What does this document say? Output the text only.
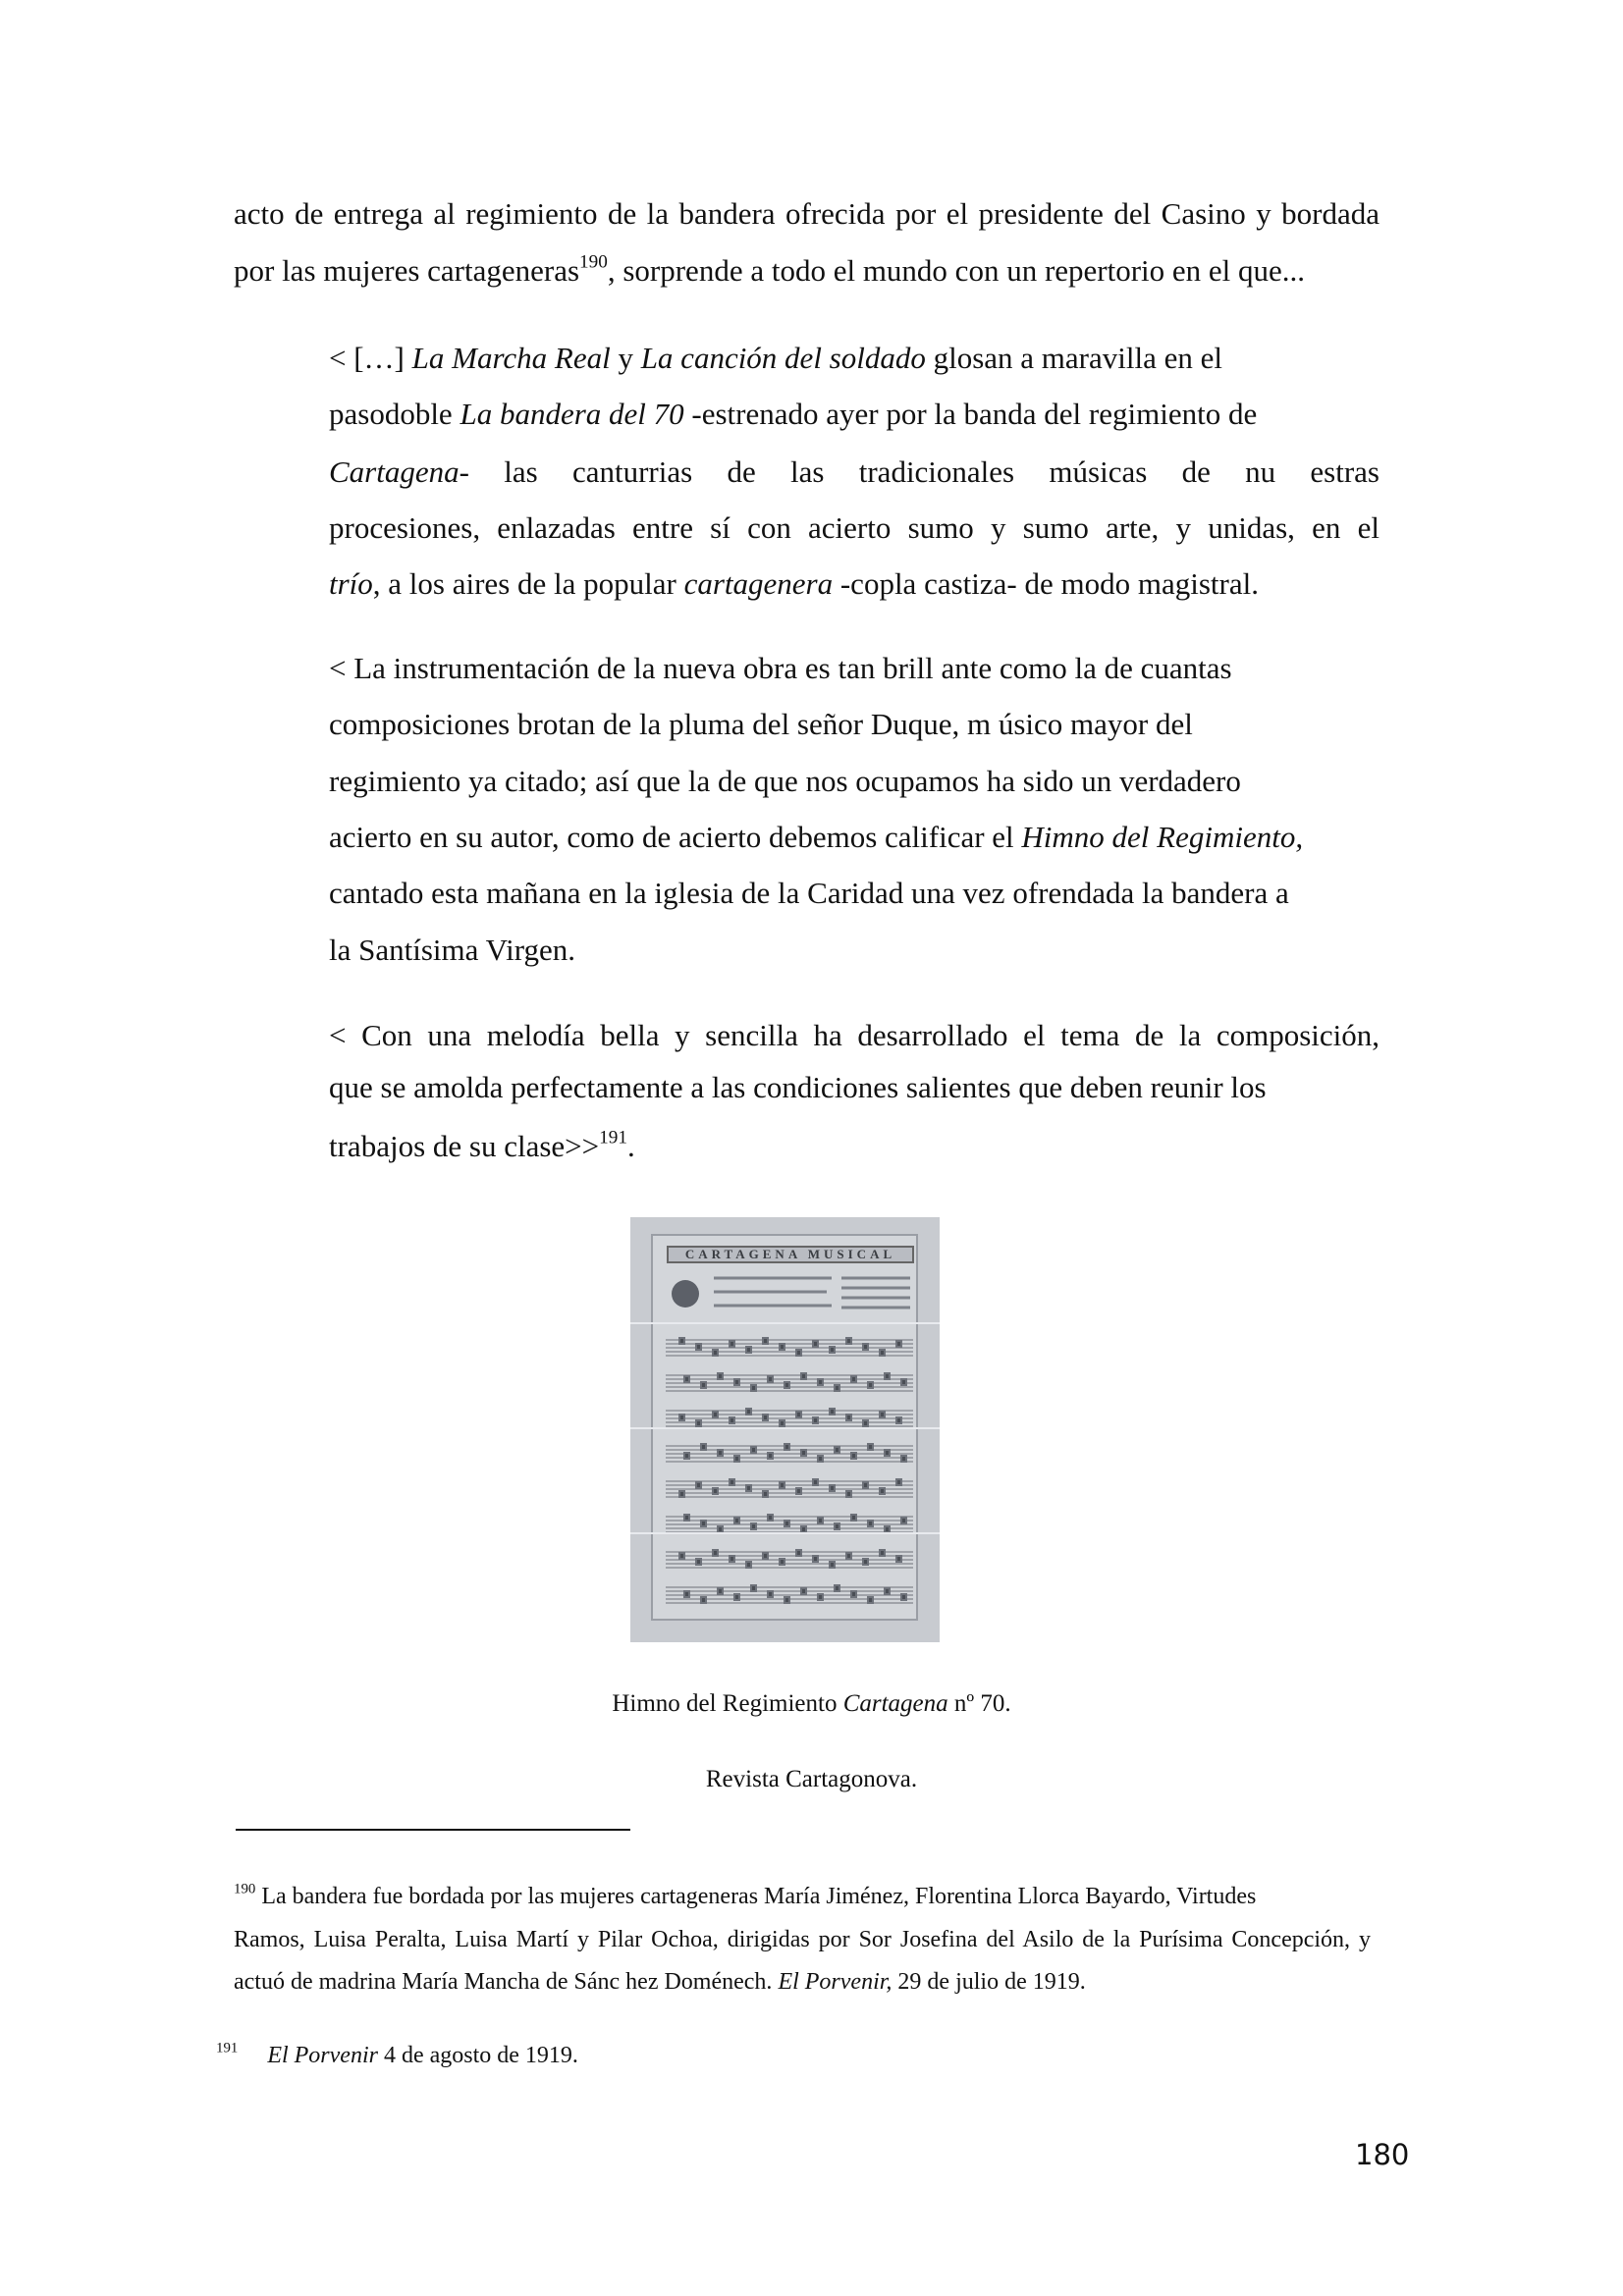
acto de entrega al regimiento de la bandera ofrecida por el presidente del Casino y bordada
por las mujeres cartageneras$^{190}$, sorprende a todo el mundo con un repertorio en el que...
< […] La Marcha Real y La canción del soldado glosan a maravilla en el
pasodoble La bandera del 70 -estrenado ayer por la banda del regimiento de
Cartagena- las canturrias de las tradicionales músicas de nu estras
procesiones, enlazadas entre sí con acierto sumo y sumo arte, y unidas, en el
trío, a los aires de la popular cartagenera -copla castiza- de modo magistral.
< La instrumentación de la nueva obra es tan brill ante como la de cuantas
composiciones brotan de la pluma del señor Duque, m úsico mayor del
regimiento ya citado; así que la de que nos ocupamos ha sido un verdadero
acierto en su autor, como de acierto debemos calificar el Himno del Regimiento,
cantado esta mañana en la iglesia de la Caridad una vez ofrendada la bandera a
la Santísima Virgen.
< Con una melodía bella y sencilla ha desarrollado el tema de la composición,
que se amolda perfectamente a las condiciones salientes que deben reunir los
trabajos de su clase>>$^{191}$.
CARTAGENA MUSICAL
Himno del Regimiento Cartagena nº 70.
Revista Cartagonova.
$^{190}$ La bandera fue bordada por las mujeres cartageneras María Jiménez, Florentina Llorca Bayardo, Virtudes
Ramos, Luisa Peralta, Luisa Martí y Pilar Ochoa, dirigidas por Sor Josefina del Asilo de la Purísima Concepción, y
actuó de madrina María Mancha de Sánc hez Doménech. El Porvenir, 29 de julio de 1919.
$^{191}$ El Porvenir 4 de agosto de 1919.
180
